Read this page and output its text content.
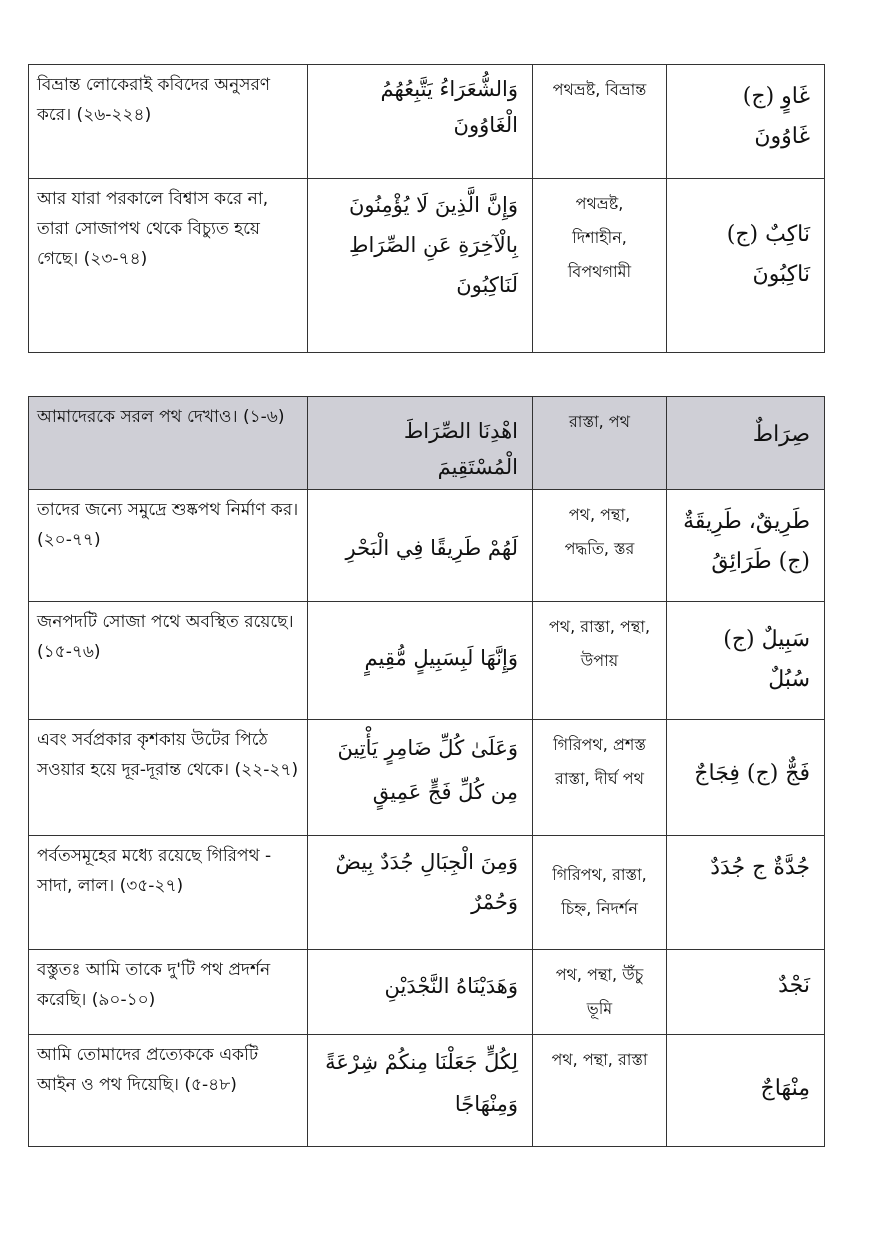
বিভ্রান্ত লোকেরাই কবিদের অনুসরণ করে। (২৬-২২৪)	وَالشُّعَرَاءُ يَتَّبِعُهُمُ
الْغَاوُونَ	পথভ্রষ্ট, বিভ্রান্ত	غَاوٍ (ج)
غَاوُونَ

আর যারা পরকালে বিশ্বাস করে না, তারা সোজাপথ থেকে বিচ্যুত হয়ে গেছে। (২৩-৭৪)	وَإِنَّ الَّذِينَ لَا يُؤْمِنُونَ
بِالْآخِرَةِ عَنِ الصِّرَاطِ
لَنَاكِبُونَ	পথভ্রষ্ট,
দিশাহীন,
বিপথগামী	نَاكِبٌ (ج)
نَاكِبُونَ
আমাদেরকে সরল পথ দেখাও। (১-৬)	اهْدِنَا الصِّرَاطَ الْمُسْتَقِيمَ	রাস্তা, পথ	صِرَاطٌ

তাদের জন্যে সমুদ্রে শুষ্কপথ নির্মাণ কর। (২০-৭৭)	لَهُمْ طَرِيقًا فِي الْبَحْرِ	পথ, পন্থা,
পদ্ধতি, স্তর	طَرِيقٌ، طَرِيقَةٌ
(ج) طَرَائِقُ

জনপদটি সোজা পথে অবস্থিত রয়েছে। (১৫-৭৬)	وَإِنَّهَا لَبِسَبِيلٍ مُّقِيمٍ	পথ, রাস্তা, পন্থা,
উপায়	سَبِيلٌ (ج)
سُبُلٌ

এবং সর্বপ্রকার কৃশকায় উটের পিঠে সওয়ার হয়ে দূর-দূরান্ত থেকে। (২২-২৭)	وَعَلَىٰ كُلِّ ضَامِرٍ يَأْتِينَ
مِن كُلِّ فَجٍّ عَمِيقٍ	গিরিপথ, প্রশস্ত
রাস্তা, দীর্ঘ পথ	فَجٌّ (ج) فِجَاجٌ

পর্বতসমূহের মধ্যে রয়েছে গিরিপথ - সাদা, লাল। (৩৫-২৭)	وَمِنَ الْجِبَالِ جُدَدٌ بِيضٌ
وَحُمْرٌ	গিরিপথ, রাস্তা,
চিহ্ন, নিদর্শন	جُدَّةٌ ج جُدَدٌ

বস্তুতঃ আমি তাকে দু'টি পথ প্রদর্শন করেছি। (৯০-১০)	وَهَدَيْنَاهُ النَّجْدَيْنِ	পথ, পন্থা, উঁচু
ভূমি	نَجْدٌ

আমি তোমাদের প্রত্যেককে একটি আইন ও পথ দিয়েছি। (৫-৪৮)	لِكُلٍّ جَعَلْنَا مِنكُمْ شِرْعَةً
وَمِنْهَاجًا	পথ, পন্থা, রাস্তা	مِنْهَاجٌ
